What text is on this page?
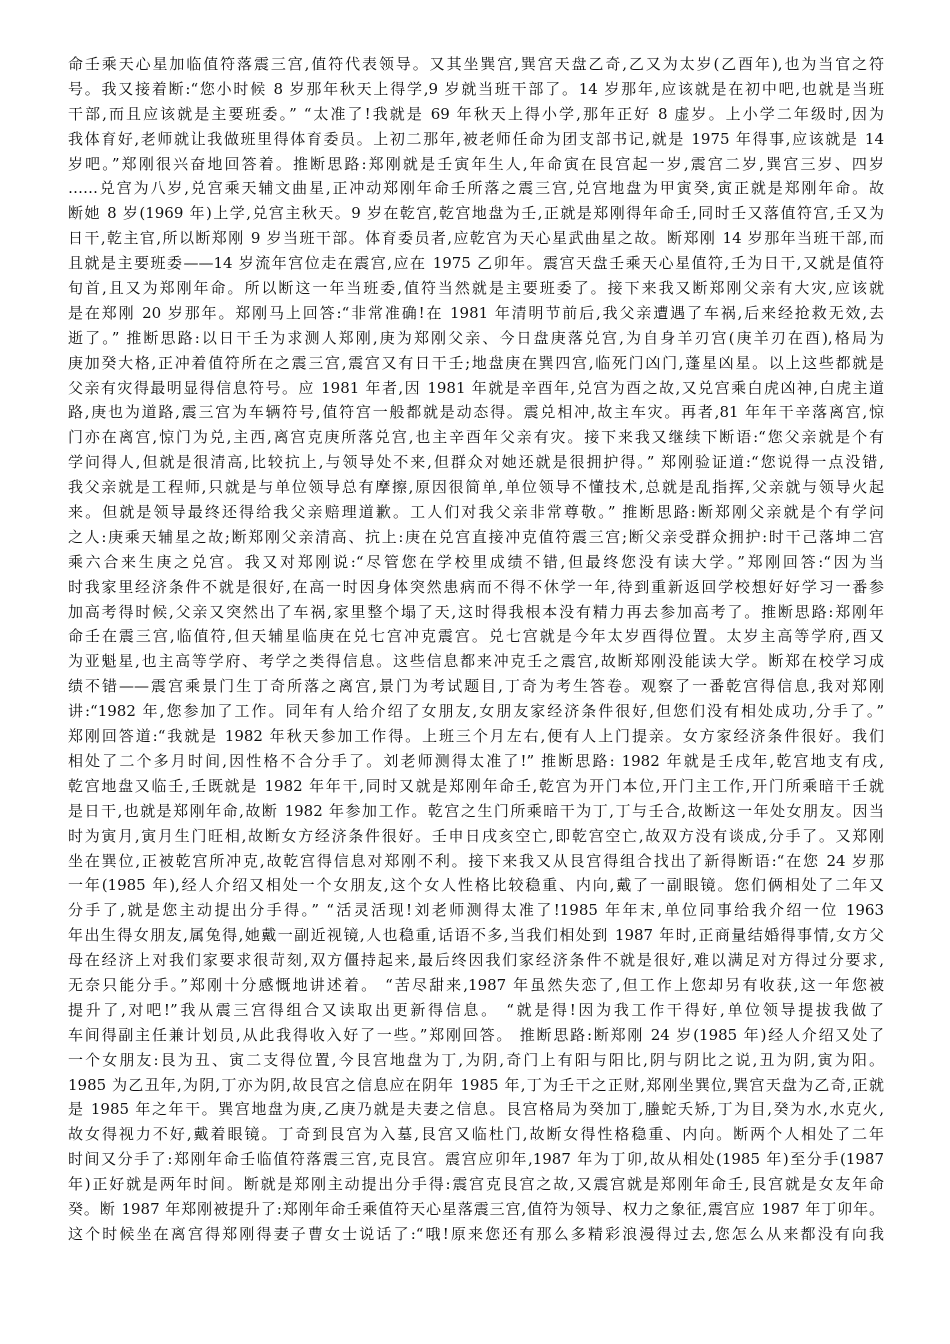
命壬乘天心星加临值符落震三宫,值符代表领导。又其坐巽宫,巽宫天盘乙奇,乙又为太岁(乙酉年),也为当官之符
号。我又接着断:“您小时候 8 岁那年秋天上得学,9 岁就当班干部了。14 岁那年,应该就是在初中吧,也就是当班
干部,而且应该就是主要班委。” “太准了!我就是 69 年秋天上得小学,那年正好 8 虚岁。上小学二年级时,因为
我体育好,老师就让我做班里得体育委员。上初二那年,被老师任命为团支部书记,就是 1975 年得事,应该就是 14
岁吧。”郑刚很兴奋地回答着。推断思路:郑刚就是壬寅年生人,年命寅在艮宫起一岁,震宫二岁,巽宫三岁、四岁
……兑宫为八岁,兑宫乘天辅文曲星,正冲动郑刚年命壬所落之震三宫,兑宫地盘为甲寅癸,寅正就是郑刚年命。故
断她 8 岁(1969 年)上学,兑宫主秋天。9 岁在乾宫,乾宫地盘为壬,正就是郑刚得年命壬,同时壬又落值符宫,壬又为
日干,乾主官,所以断郑刚 9 岁当班干部。体育委员者,应乾宫为天心星武曲星之故。断郑刚 14 岁那年当班干部,而
且就是主要班委——14 岁流年宫位走在震宫,应在 1975 乙卯年。震宫天盘壬乘天心星值符,壬为日干,又就是值符
旬首,且又为郑刚年命。所以断这一年当班委,值符当然就是主要班委了。接下来我又断郑刚父亲有大灾,应该就
是在郑刚 20 岁那年。郑刚马上回答:“非常准确!在 1981 年清明节前后,我父亲遭遇了车祸,后来经抢救无效,去
逝了。” 推断思路:以日干壬为求测人郑刚,庚为郑刚父亲、今日盘庚落兑宫,为自身羊刃宫(庚羊刃在酉),格局为
庚加癸大格,正冲着值符所在之震三宫,震宫又有日干壬;地盘庚在巽四宫,临死门凶门,蓬星凶星。以上这些都就是
父亲有灾得最明显得信息符号。应 1981 年者,因 1981 年就是辛酉年,兑宫为酉之故,又兑宫乘白虎凶神,白虎主道
路,庚也为道路,震三宫为车辆符号,值符宫一般都就是动态得。震兑相冲,故主车灾。再者,81 年年干辛落离宫,惊
门亦在离宫,惊门为兑,主西,离宫克庚所落兑宫,也主辛酉年父亲有灾。接下来我又继续下断语:“您父亲就是个有
学问得人,但就是很清高,比较抗上,与领导处不来,但群众对她还就是很拥护得。” 郑刚验证道:“您说得一点没错,
我父亲就是工程师,只就是与单位领导总有摩擦,原因很简单,单位领导不懂技术,总就是乱指挥,父亲就与领导火起
来。但就是领导最终还得给我父亲赔理道歉。工人们对我父亲非常尊敬。” 推断思路:断郑刚父亲就是个有学问
之人:庚乘天辅星之故;断郑刚父亲清高、抗上:庚在兑宫直接冲克值符震三宫;断父亲受群众拥护:时干己落坤二宫
乘六合来生庚之兑宫。我又对郑刚说:“尽管您在学校里成绩不错,但最终您没有读大学。”郑刚回答:“因为当
时我家里经济条件不就是很好,在高一时因身体突然患病而不得不休学一年,待到重新返回学校想好好学习一番参
加高考得时候,父亲又突然出了车祸,家里整个塌了天,这时得我根本没有精力再去参加高考了。推断思路:郑刚年
命壬在震三宫,临值符,但天辅星临庚在兑七宫冲克震宫。兑七宫就是今年太岁酉得位置。太岁主高等学府,酉又
为亚魁星,也主高等学府、考学之类得信息。这些信息都来冲克壬之震宫,故断郑刚没能读大学。断郑在校学习成
绩不错——震宫乘景门生丁奇所落之离宫,景门为考试题目,丁奇为考生答卷。观察了一番乾宫得信息,我对郑刚
讲:“1982 年,您参加了工作。同年有人给介绍了女朋友,女朋友家经济条件很好,但您们没有相处成功,分手了。”
郑刚回答道:“我就是 1982 年秋天参加工作得。上班三个月左右,便有人上门提亲。女方家经济条件很好。我们
相处了二个多月时间,因性格不合分手了。刘老师测得太准了!” 推断思路: 1982 年就是壬戌年,乾宫地支有戌,
乾宫地盘又临壬,壬既就是 1982 年年干,同时又就是郑刚年命壬,乾宫为开门本位,开门主工作,开门所乘暗干壬就
是日干,也就是郑刚年命,故断 1982 年参加工作。乾宫之生门所乘暗干为丁,丁与壬合,故断这一年处女朋友。因当
时为寅月,寅月生门旺相,故断女方经济条件很好。壬申日戌亥空亡,即乾宫空亡,故双方没有谈成,分手了。又郑刚
坐在巽位,正被乾宫所冲克,故乾宫得信息对郑刚不利。接下来我又从艮宫得组合找出了新得断语:“在您 24 岁那
一年(1985 年),经人介绍又相处一个女朋友,这个女人性格比较稳重、内向,戴了一副眼镜。您们俩相处了二年又
分手了,就是您主动提出分手得。” “活灵活现!刘老师测得太准了!1985 年年末,单位同事给我介绍一位 1963
年出生得女朋友,属兔得,她戴一副近视镜,人也稳重,话语不多,当我们相处到 1987 年时,正商量结婚得事情,女方父
母在经济上对我们家要求很苛刻,双方僵持起来,最后终因我们家经济条件不就是很好,难以满足对方得过分要求,
无奈只能分手。”郑刚十分感慨地讲述着。 “苦尽甜来,1987 年虽然失恋了,但工作上您却另有收获,这一年您被
提升了,对吧!”我从震三宫得组合又读取出更新得信息。 “就是得!因为我工作干得好,单位领导提拔我做了
车间得副主任兼计划员,从此我得收入好了一些。”郑刚回答。 推断思路:断郑刚 24 岁(1985 年)经人介绍又处了
一个女朋友:艮为丑、寅二支得位置,今艮宫地盘为丁,为阴,奇门上有阳与阳比,阴与阴比之说,丑为阴,寅为阳。
1985 为乙丑年,为阴,丁亦为阴,故艮宫之信息应在阴年 1985 年,丁为壬干之正财,郑刚坐巽位,巽宫天盘为乙奇,正就
是 1985 年之年干。巽宫地盘为庚,乙庚乃就是夫妻之信息。艮宫格局为癸加丁,螣蛇夭矫,丁为目,癸为水,水克火,
故女得视力不好,戴着眼镜。丁奇到艮宫为入墓,艮宫又临杜门,故断女得性格稳重、内向。断两个人相处了二年
时间又分手了:郑刚年命壬临值符落震三宫,克艮宫。震宫应卯年,1987 年为丁卯,故从相处(1985 年)至分手(1987
年)正好就是两年时间。断就是郑刚主动提出分手得:震宫克艮宫之故,又震宫就是郑刚年命壬,艮宫就是女友年命
癸。断 1987 年郑刚被提升了:郑刚年命壬乘值符天心星落震三宫,值符为领导、权力之象征,震宫应 1987 年丁卯年。
这个时候坐在离宫得郑刚得妻子曹女士说话了:“哦!原来您还有那么多精彩浪漫得过去,您怎么从来都没有向我
